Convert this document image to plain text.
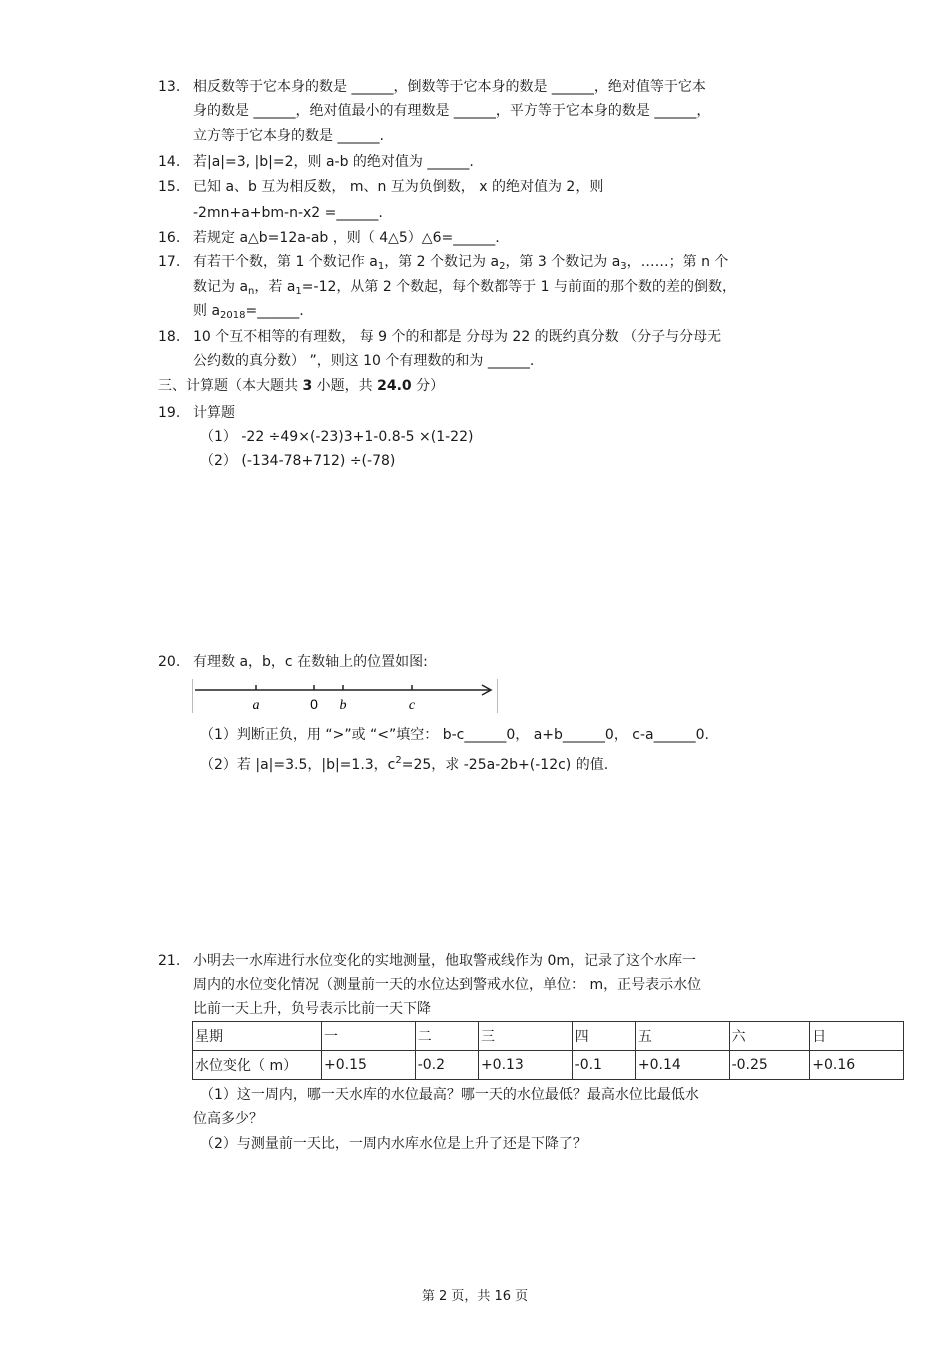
13. 相反数等于它本身的数是 ______，倒数等于它本身的数是 ______，绝对值等于它本
身的数是 ______，绝对值最小的有理数是 ______，平方等于它本身的数是 ______，
立方等于它本身的数是 ______.
14. 若|a|=3, |b|=2，则 a-b 的绝对值为 ______.
15. 已知 a、b 互为相反数， m、n 互为负倒数， x 的绝对值为 2，则
-2mn+a+bm-n-x2 =______.
16. 若规定 a△b=12a-ab ，则（ 4△5）△6=______.
17. 有若干个数，第 1 个数记作 $a_1$，第 2 个数记为 $a_2$，第 3 个数记为 $a_3$，……；第 n 个
数记为 $a_n$，若 $a_1=-12$，从第 2 个数起，每个数都等于 1 与前面的那个数的差的倒数，
则 $a_{2018}=\_\_\_\_\_\_$.
18. 10 个互不相等的有理数， 每 9 个的和都是 分母为 22 的既约真分数 （分子与分母无
公约数的真分数） ”，则这 10 个有理数的和为 ______.
三、计算题（本大题共 3 小题，共 24.0 分）
19. 计算题
（1） -22 ÷49×(-23)3+1-0.8-5 ×(1-22)
（2） (-134-78+712) ÷(-78)
20. 有理数 a，b，c 在数轴上的位置如图:
a	0 b	c
（1）判断正负，用 “>”或 “<”填空： b-c______0， a+b______0， c-a______0.
（2）若 |a|=3.5，|b|=1.3，$c^2=25$，求 -25a-2b+(-12c) 的值.
21. 小明去一水库进行水位变化的实地测量，他取警戒线作为 0m，记录了这个水库一
周内的水位变化情况（测量前一天的水位达到警戒水位，单位： m，正号表示水位
比前一天上升，负号表示比前一天下降
星期	一	二	三	四	五	六	日
水位变化（ m）	+0.15	-0.2	+0.13	-0.1	+0.14	-0.25	+0.16
（1）这一周内，哪一天水库的水位最高？哪一天的水位最低？最高水位比最低水
位高多少？
（2）与测量前一天比，一周内水库水位是上升了还是下降了？
第 2 页，共 16 页
